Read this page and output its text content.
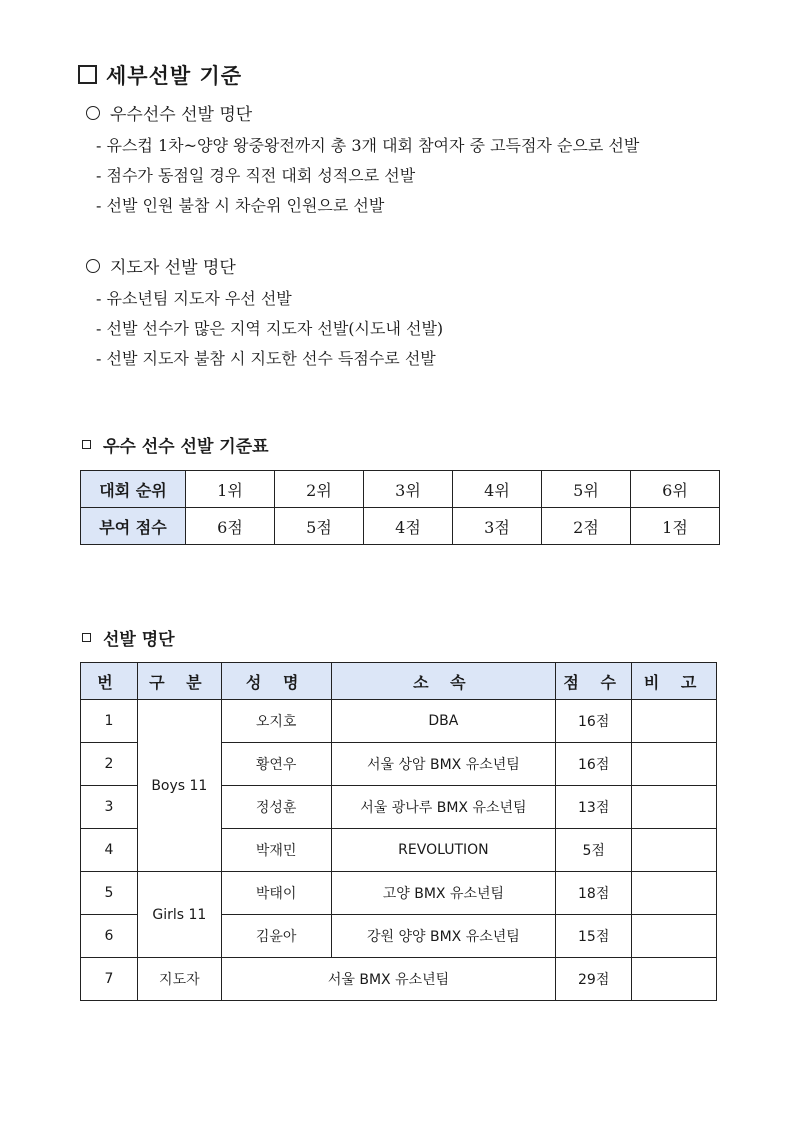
세부선발 기준
우수선수 선발 명단
- 유스컵 1차~양양 왕중왕전까지 총 3개 대회 참여자 중 고득점자 순으로 선발
- 점수가 동점일 경우 직전 대회 성적으로 선발
- 선발 인원 불참 시 차순위 인원으로 선발
지도자 선발 명단
- 유소년팀 지도자 우선 선발
- 선발 선수가 많은 지역 지도자 선발(시도내 선발)
- 선발 지도자 불참 시 지도한 선수 득점수로 선발
우수 선수 선발 기준표
대회 순위	1위	2위	3위	4위	5위	6위
부여 점수	6점	5점	4점	3점	2점	1점
선발 명단
번	구 분	성 명	소 속	점 수	비 고
1	Boys 11	오지호	DBA	16점	
2		황연우	서울 상암 BMX 유소년팀	16점	
3		정성훈	서울 광나루 BMX 유소년팀	13점	
4		박재민	REVOLUTION	5점	
5	Girls 11	박태이	고양 BMX 유소년팀	18점	
6		김윤아	강원 양양 BMX 유소년팀	15점	
7	지도자	서울 BMX 유소년팀		29점	
